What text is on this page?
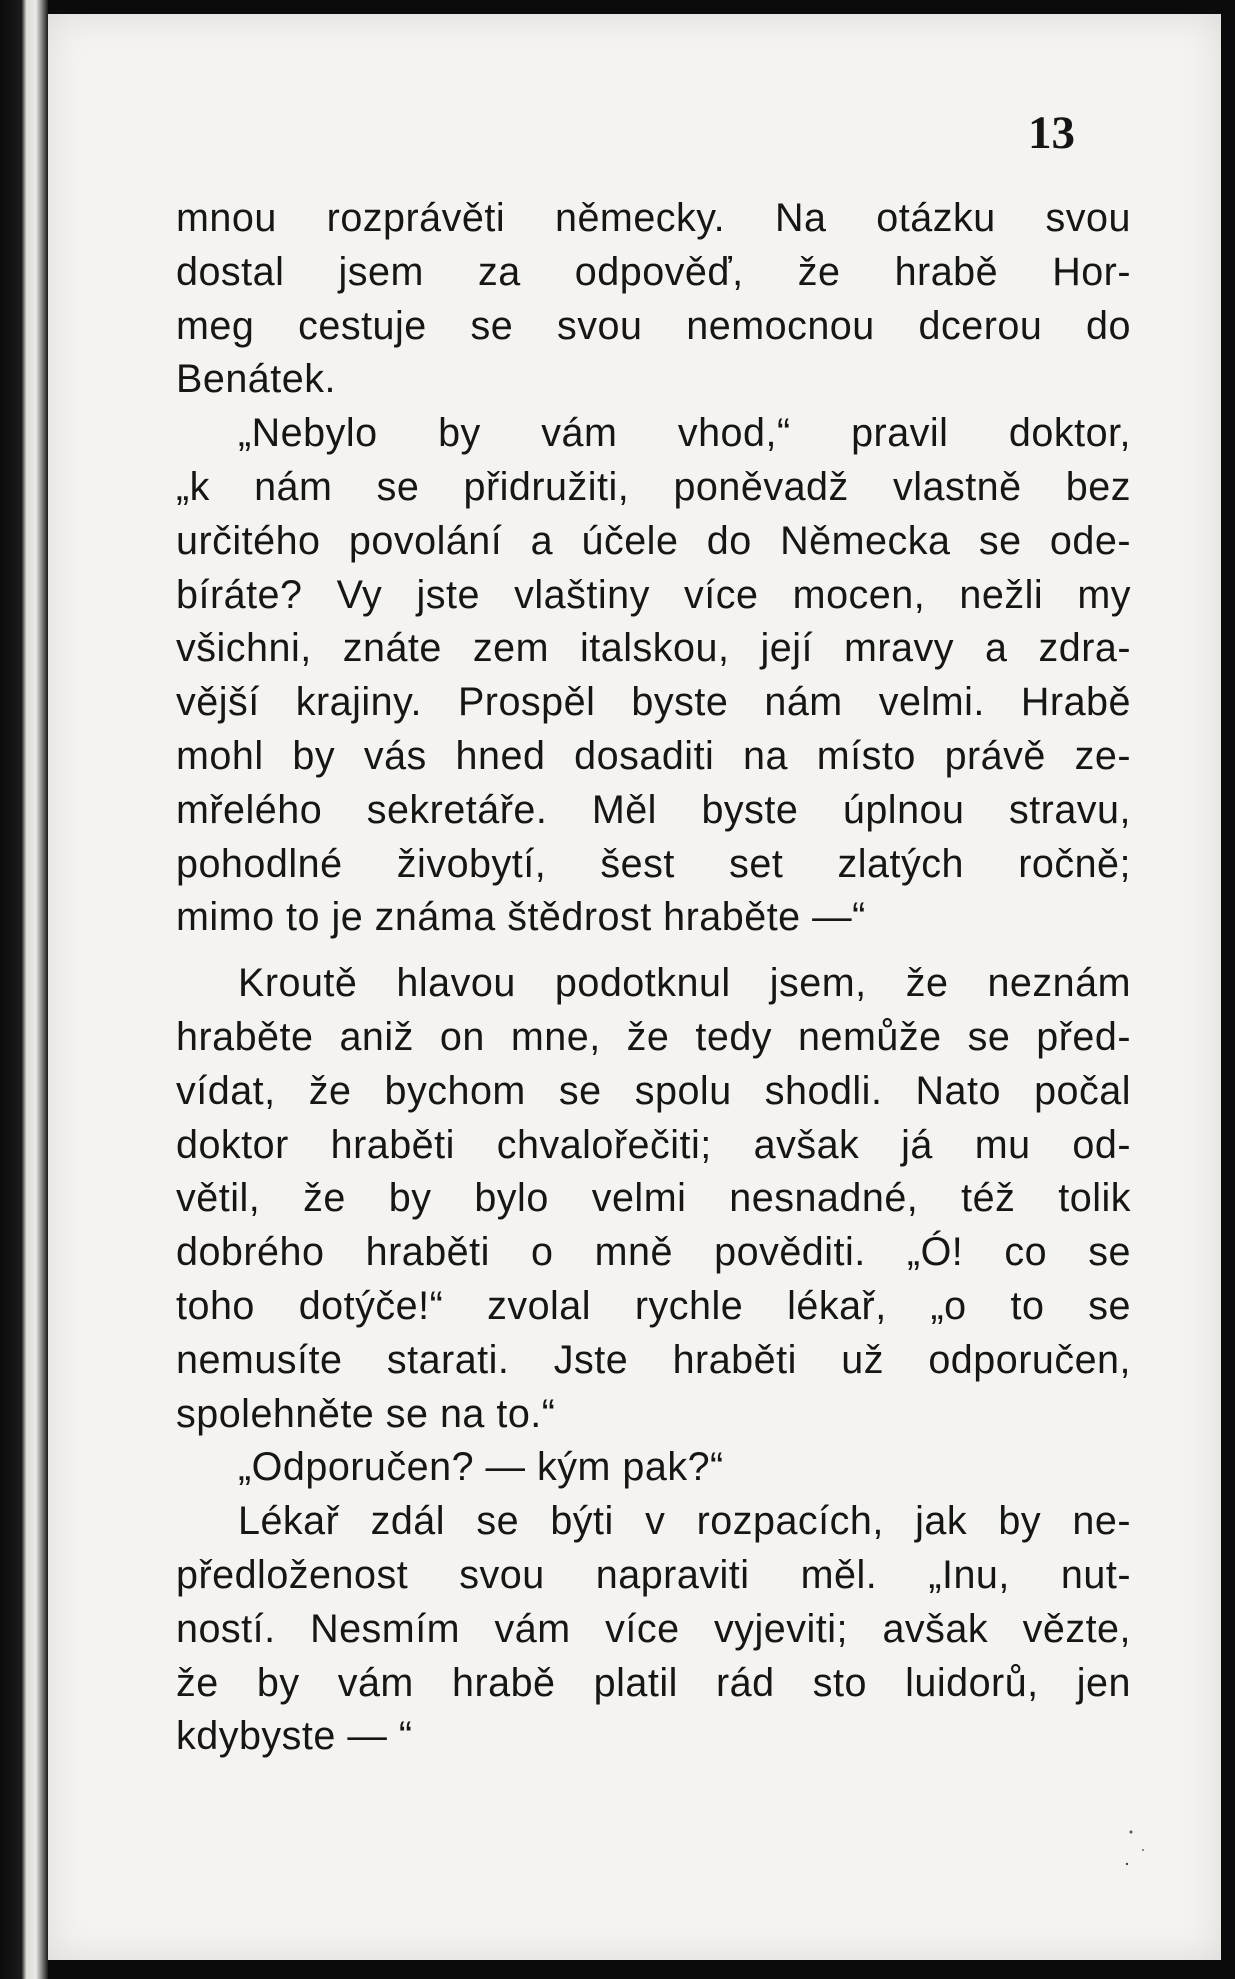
13
mnou rozprávěti německy. Na otázku svou
dostal jsem za odpověď, že hrabě Hor-
meg cestuje se svou nemocnou dcerou do
Benátek.
„Nebylo by vám vhod,“ pravil doktor,
„k nám se přidružiti, poněvadž vlastně bez
určitého povolání a účele do Německa se ode-
bíráte? Vy jste vlaštiny více mocen, nežli my
všichni, znáte zem italskou, její mravy a zdra-
vější krajiny. Prospěl byste nám velmi. Hrabě
mohl by vás hned dosaditi na místo právě ze-
mřelého sekretáře. Měl byste úplnou stravu,
pohodlné živobytí, šest set zlatých ročně;
mimo to je známa štědrost hraběte —“
Kroutě hlavou podotknul jsem, že neznám
hraběte aniž on mne, že tedy nemůže se před-
vídat, že bychom se spolu shodli. Nato počal
doktor hraběti chvalořečiti; avšak já mu od-
větil, že by bylo velmi nesnadné, též tolik
dobrého hraběti o mně pověditi. „Ó! co se
toho dotýče!“ zvolal rychle lékař, „o to se
nemusíte starati. Jste hraběti už odporučen,
spolehněte se na to.“
„Odporučen? — kým pak?“
Lékař zdál se býti v rozpacích, jak by ne-
předloženost svou napraviti měl. „Inu, nut-
ností. Nesmím vám více vyjeviti; avšak vězte,
že by vám hrabě platil rád sto luidorů, jen
kdybyste — “
